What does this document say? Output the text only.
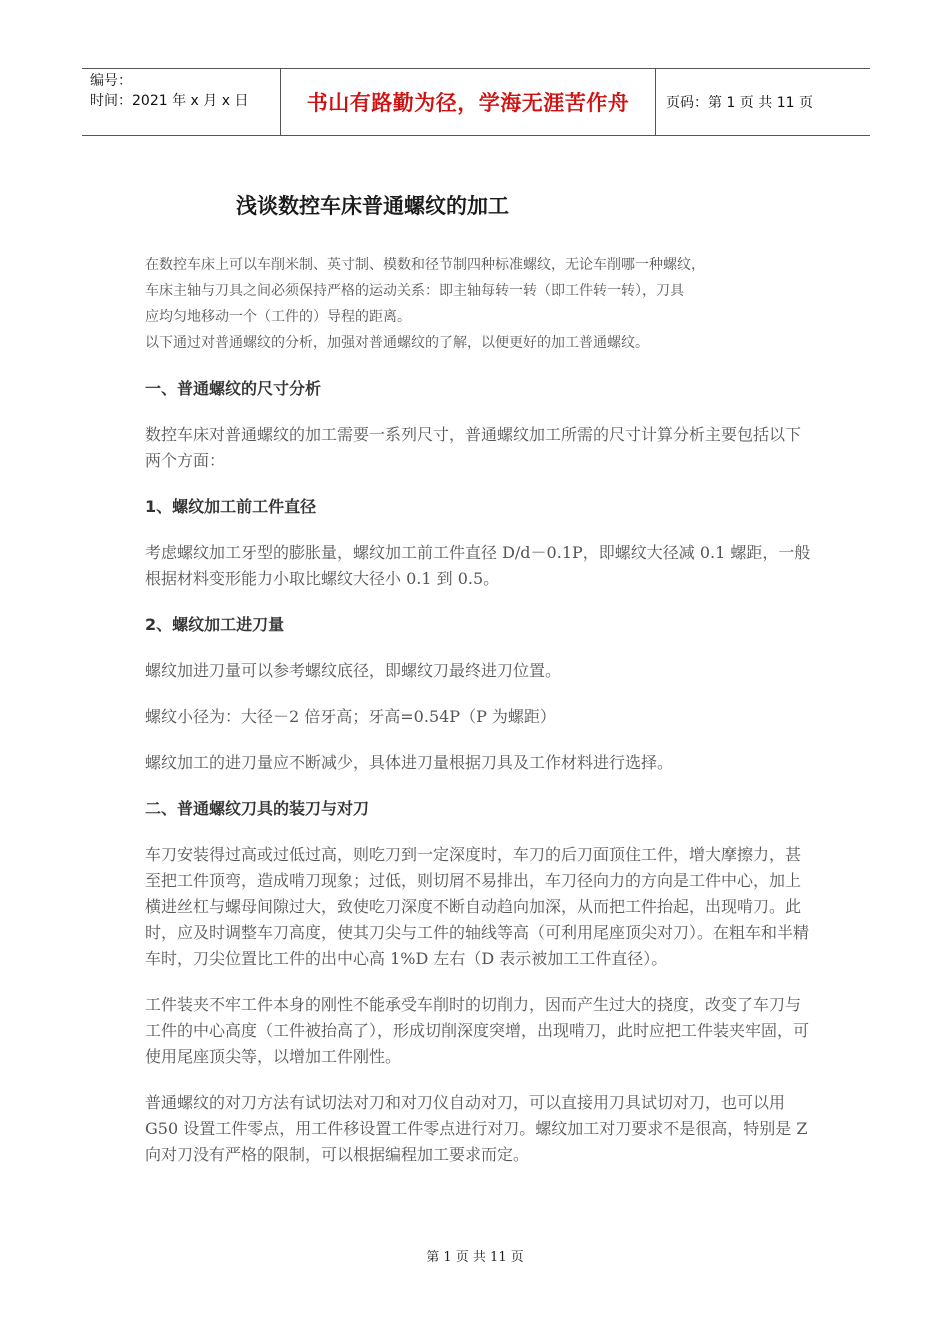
编号：
时间：2021 年 x 月 x 日	书山有路勤为径，学海无涯苦作舟	页码：第 1 页 共 11 页
浅谈数控车床普通螺纹的加工
在数控车床上可以车削米制、英寸制、模数和径节制四种标准螺纹，无论车削哪一种螺纹，
车床主轴与刀具之间必须保持严格的运动关系：即主轴每转一转（即工件转一转），刀具
应均匀地移动一个（工件的）导程的距离。
以下通过对普通螺纹的分析，加强对普通螺纹的了解，以便更好的加工普通螺纹。
一、普通螺纹的尺寸分析
数控车床对普通螺纹的加工需要一系列尺寸，普通螺纹加工所需的尺寸计算分析主要包括以下两个方面：
1、螺纹加工前工件直径
考虑螺纹加工牙型的膨胀量，螺纹加工前工件直径 D/d－0.1P，即螺纹大径减 0.1 螺距，一般根据材料变形能力小取比螺纹大径小 0.1 到 0.5。
2、螺纹加工进刀量
螺纹加进刀量可以参考螺纹底径，即螺纹刀最终进刀位置。
螺纹小径为：大径－2 倍牙高；牙高=0.54P（P 为螺距）
螺纹加工的进刀量应不断减少，具体进刀量根据刀具及工作材料进行选择。
二、普通螺纹刀具的装刀与对刀
车刀安装得过高或过低过高，则吃刀到一定深度时，车刀的后刀面顶住工件，增大摩擦力，甚至把工件顶弯，造成啃刀现象；过低，则切屑不易排出，车刀径向力的方向是工件中心，加上横进丝杠与螺母间隙过大，致使吃刀深度不断自动趋向加深，从而把工件抬起，出现啃刀。此时，应及时调整车刀高度，使其刀尖与工件的轴线等高（可利用尾座顶尖对刀）。在粗车和半精车时，刀尖位置比工件的出中心高 1%D 左右（D 表示被加工工件直径）。
工件装夹不牢工件本身的刚性不能承受车削时的切削力，因而产生过大的挠度，改变了车刀与工件的中心高度（工件被抬高了），形成切削深度突增，出现啃刀，此时应把工件装夹牢固，可使用尾座顶尖等，以增加工件刚性。
普通螺纹的对刀方法有试切法对刀和对刀仪自动对刀，可以直接用刀具试切对刀，也可以用 G50 设置工件零点，用工件移设置工件零点进行对刀。螺纹加工对刀要求不是很高，特别是 Z 向对刀没有严格的限制，可以根据编程加工要求而定。
第 1 页 共 11 页
